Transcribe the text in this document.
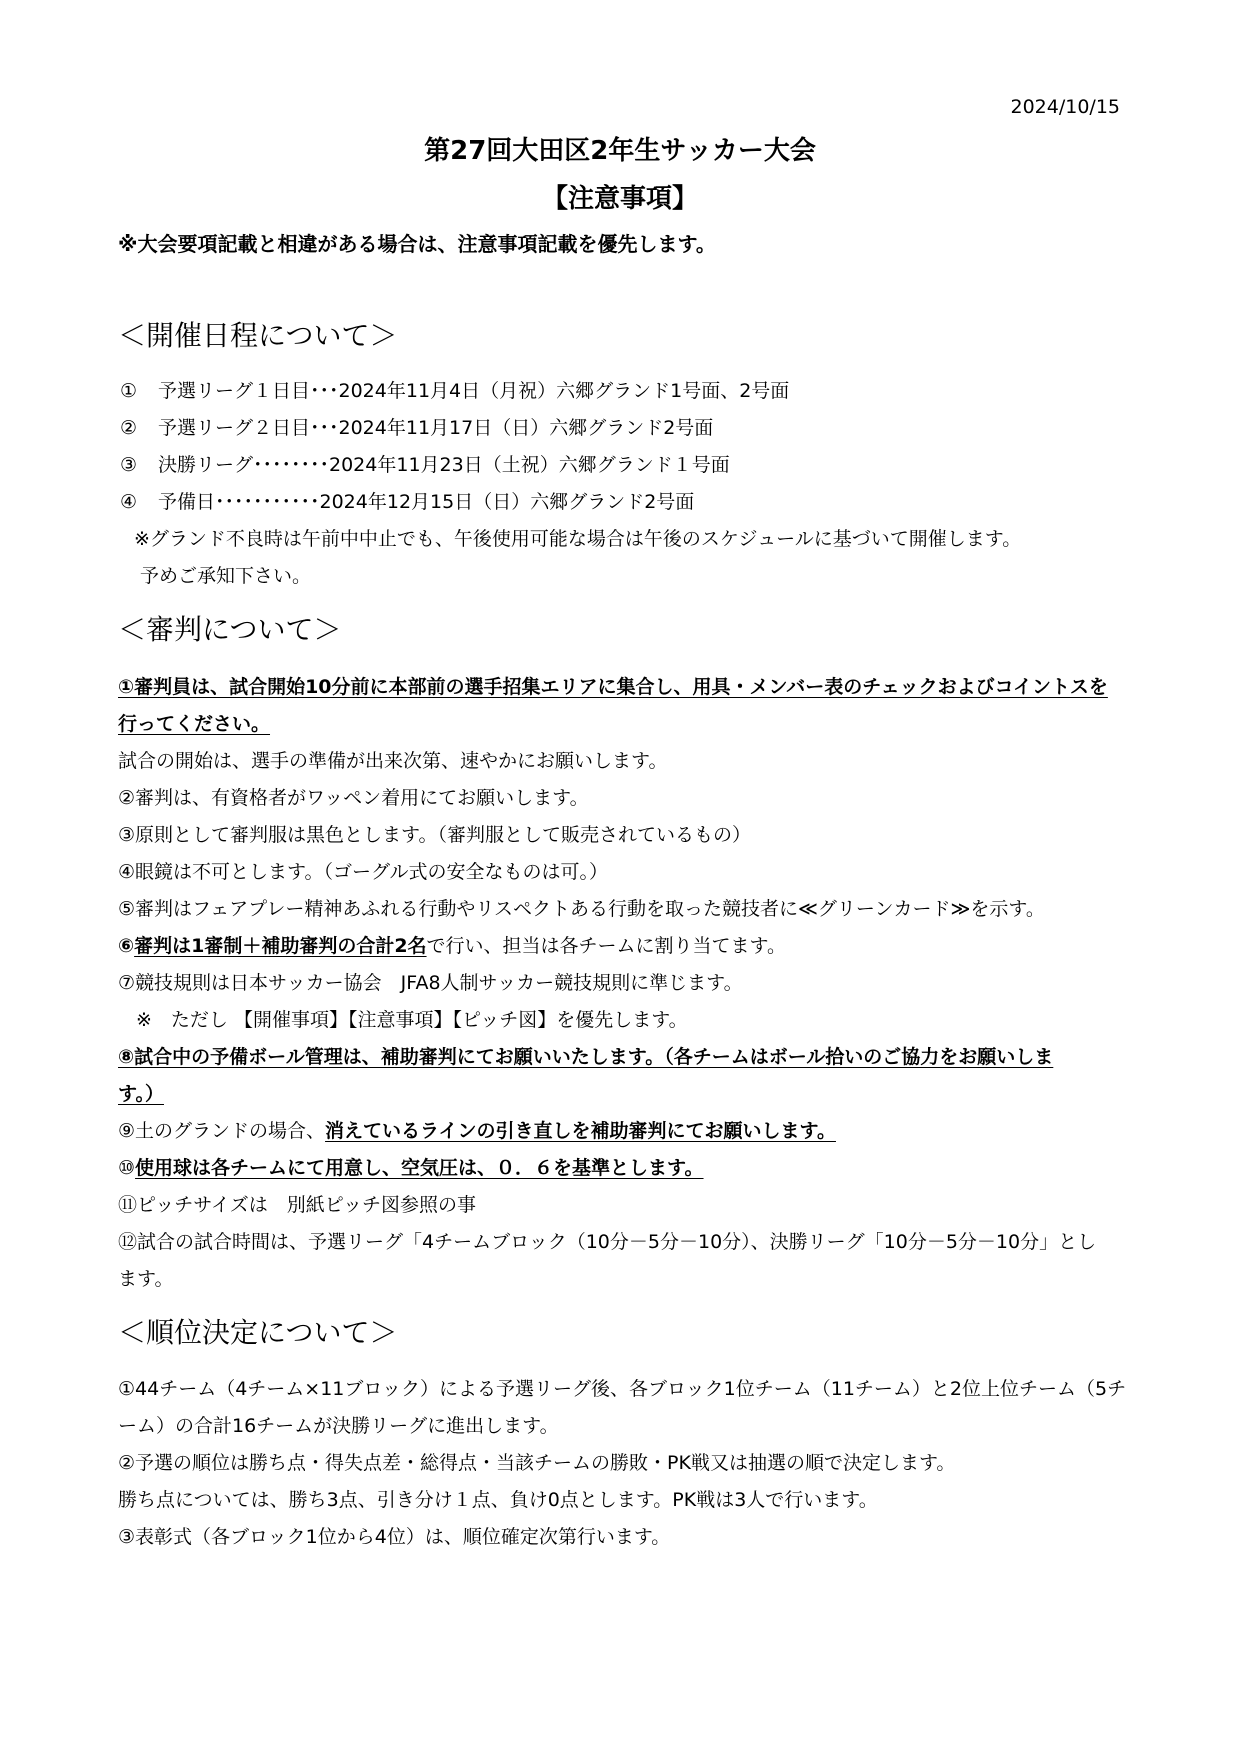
2024/10/15
第27回大田区2年生サッカー大会
【注意事項】
※大会要項記載と相違がある場合は、注意事項記載を優先します。
＜開催日程について＞
① 予選リーグ１日目･･･2024年11月4日（月祝）六郷グランド1号面、2号面
② 予選リーグ２日目･･･2024年11月17日（日）六郷グランド2号面
③ 決勝リーグ････････2024年11月23日（土祝）六郷グランド１号面
④ 予備日･･･････････2024年12月15日（日）六郷グランド2号面
※グランド不良時は午前中中止でも、午後使用可能な場合は午後のスケジュールに基づいて開催します。
予めご承知下さい。
＜審判について＞
①審判員は、試合開始10分前に本部前の選手招集エリアに集合し、用具・メンバー表のチェックおよびコイントスを
行ってください。
試合の開始は、選手の準備が出来次第、速やかにお願いします。
②審判は、有資格者がワッペン着用にてお願いします。
③原則として審判服は黒色とします。（審判服として販売されているもの）
④眼鏡は不可とします。（ゴーグル式の安全なものは可。）
⑤審判はフェアプレー精神あふれる行動やリスペクトある行動を取った競技者に≪グリーンカード≫を示す。
⑥審判は1審制＋補助審判の合計2名で行い、担当は各チームに割り当てます。
⑦競技規則は日本サッカー協会　JFA8人制サッカー競技規則に準じます。
※　ただし 【開催事項】【注意事項】【ピッチ図】を優先します。
⑧試合中の予備ボール管理は、補助審判にてお願いいたします。（各チームはボール拾いのご協力をお願いしま
す。）
⑨土のグランドの場合、消えているラインの引き直しを補助審判にてお願いします。
⑩使用球は各チームにて用意し、空気圧は、０．６を基準とします。
⑪ピッチサイズは　別紙ピッチ図参照の事
⑫試合の試合時間は、予選リーグ「4チームブロック（10分－5分－10分）、決勝リーグ「10分－5分－10分」とし
ます。
＜順位決定について＞
①44チーム（4チーム×11ブロック）による予選リーグ後、各ブロック1位チーム（11チーム）と2位上位チーム（5チ
ーム）の合計16チームが決勝リーグに進出します。
②予選の順位は勝ち点・得失点差・総得点・当該チームの勝敗・PK戦又は抽選の順で決定します。
勝ち点については、勝ち3点、引き分け１点、負け0点とします。PK戦は3人で行います。
③表彰式（各ブロック1位から4位）は、順位確定次第行います。
